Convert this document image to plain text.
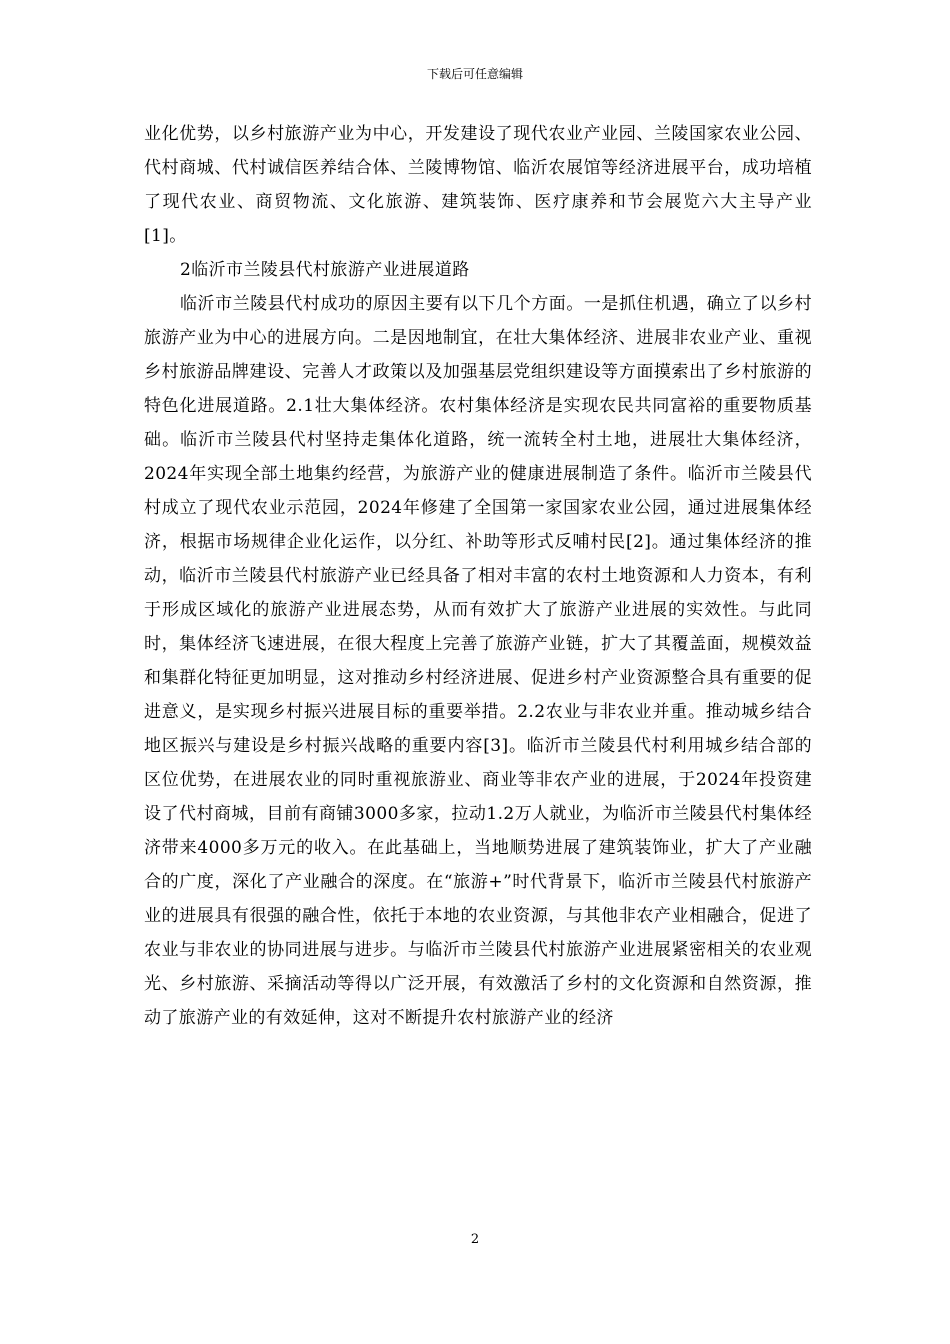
下载后可任意编辑

业化优势，以乡村旅游产业为中心，开发建设了现代农业产业园、兰陵国家农业公园、代村商城、代村诚信医养结合体、兰陵博物馆、临沂农展馆等经济进展平台，成功培植了现代农业、商贸物流、文化旅游、建筑装饰、医疗康养和节会展览六大主导产业[1]。

2临沂市兰陵县代村旅游产业进展道路

临沂市兰陵县代村成功的原因主要有以下几个方面。一是抓住机遇，确立了以乡村旅游产业为中心的进展方向。二是因地制宜，在壮大集体经济、进展非农业产业、重视乡村旅游品牌建设、完善人才政策以及加强基层党组织建设等方面摸索出了乡村旅游的特色化进展道路。2.1壮大集体经济。农村集体经济是实现农民共同富裕的重要物质基础。临沂市兰陵县代村坚持走集体化道路，统一流转全村土地，进展壮大集体经济，2024年实现全部土地集约经营，为旅游产业的健康进展制造了条件。临沂市兰陵县代村成立了现代农业示范园，2024年修建了全国第一家国家农业公园，通过进展集体经济，根据市场规律企业化运作，以分红、补助等形式反哺村民[2]。通过集体经济的推动，临沂市兰陵县代村旅游产业已经具备了相对丰富的农村土地资源和人力资本，有利于形成区域化的旅游产业进展态势，从而有效扩大了旅游产业进展的实效性。与此同时，集体经济飞速进展，在很大程度上完善了旅游产业链，扩大了其覆盖面，规模效益和集群化特征更加明显，这对推动乡村经济进展、促进乡村产业资源整合具有重要的促进意义，是实现乡村振兴进展目标的重要举措。2.2农业与非农业并重。推动城乡结合地区振兴与建设是乡村振兴战略的重要内容[3]。临沂市兰陵县代村利用城乡结合部的区位优势，在进展农业的同时重视旅游业、商业等非农产业的进展，于2024年投资建设了代村商城，目前有商铺3000多家，拉动1.2万人就业，为临沂市兰陵县代村集体经济带来4000多万元的收入。在此基础上，当地顺势进展了建筑装饰业，扩大了产业融合的广度，深化了产业融合的深度。在“旅游+”时代背景下，临沂市兰陵县代村旅游产业的进展具有很强的融合性，依托于本地的农业资源，与其他非农产业相融合，促进了农业与非农业的协同进展与进步。与临沂市兰陵县代村旅游产业进展紧密相关的农业观光、乡村旅游、采摘活动等得以广泛开展，有效激活了乡村的文化资源和自然资源，推动了旅游产业的有效延伸，这对不断提升农村旅游产业的经济

2
